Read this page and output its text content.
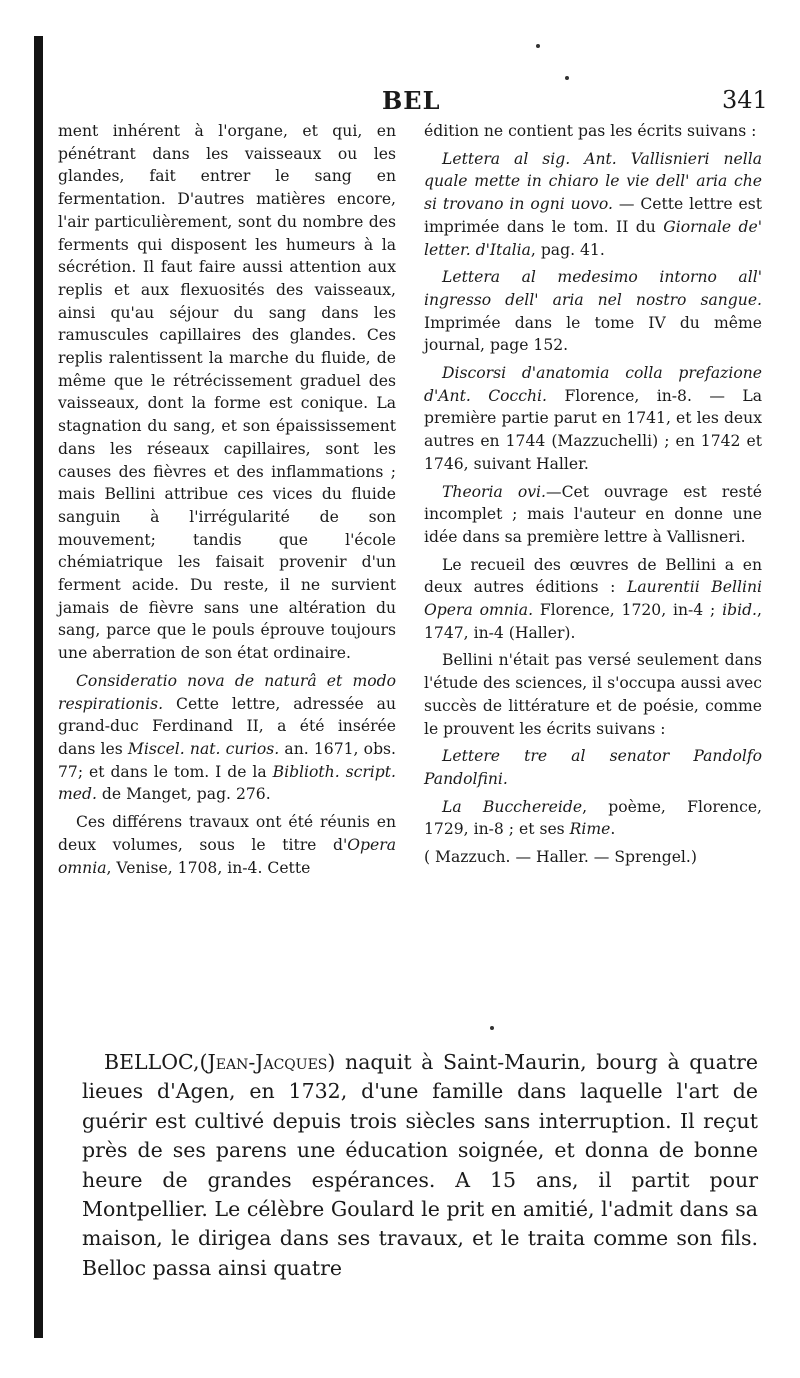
BEL	341

ment inhérent à l'organe, et qui, en pénétrant dans les vaisseaux ou les glandes, fait entrer le sang en fermentation. D'autres matières encore, l'air particulièrement, sont du nombre des ferments qui disposent les humeurs à la sécrétion. Il faut faire aussi attention aux replis et aux flexuosités des vaisseaux, ainsi qu'au séjour du sang dans les ramuscules capillaires des glandes. Ces replis ralentissent la marche du fluide, de même que le rétrécissement graduel des vaisseaux, dont la forme est conique. La stagnation du sang, et son épaississement dans les réseaux capillaires, sont les causes des fièvres et des inflammations ; mais Bellini attribue ces vices du fluide sanguin à l'irrégularité de son mouvement; tandis que l'école chémiatrique les faisait provenir d'un ferment acide. Du reste, il ne survient jamais de fièvre sans une altération du sang, parce que le pouls éprouve toujours une aberration de son état ordinaire.

Consideratio nova de naturâ et modo respirationis. Cette lettre, adressée au grand-duc Ferdinand II, a été insérée dans les Miscel. nat. curios. an. 1671, obs. 77; et dans le tom. I de la Biblioth. script. med. de Manget, pag. 276.

Ces différens travaux ont été réunis en deux volumes, sous le titre d'Opera omnia, Venise, 1708, in-4. Cette

édition ne contient pas les écrits suivans :

Lettera al sig. Ant. Vallisnieri nella quale mette in chiaro le vie dell' aria che si trovano in ogni uovo. — Cette lettre est imprimée dans le tom. II du Giornale de' letter. d'Italia, pag. 41.

Lettera al medesimo intorno all' ingresso dell' aria nel nostro sangue. Imprimée dans le tome IV du même journal, page 152.

Discorsi d'anatomia colla prefazione d'Ant. Cocchi. Florence, in-8. — La première partie parut en 1741, et les deux autres en 1744 (Mazzuchelli) ; en 1742 et 1746, suivant Haller.

Theoria ovi.—Cet ouvrage est resté incomplet ; mais l'auteur en donne une idée dans sa première lettre à Vallisneri.

Le recueil des œuvres de Bellini a en deux autres éditions : Laurentii Bellini Opera omnia. Florence, 1720, in-4 ; ibid., 1747, in-4 (Haller).

Bellini n'était pas versé seulement dans l'étude des sciences, il s'occupa aussi avec succès de littérature et de poésie, comme le prouvent les écrits suivans :

Lettere tre al senator Pandolfo Pandolfini.

La Bucchereide, poème, Florence, 1729, in-8 ; et ses Rime.

( Mazzuch. — Haller. — Sprengel.)

BELLOC,(Jean-Jacques) naquit à Saint-Maurin, bourg à quatre lieues d'Agen, en 1732, d'une famille dans laquelle l'art de guérir est cultivé depuis trois siècles sans interruption. Il reçut près de ses parens une éducation soignée, et donna de bonne heure de grandes espérances. A 15 ans, il partit pour Montpellier. Le célèbre Goulard le prit en amitié, l'admit dans sa maison, le dirigea dans ses travaux, et le traita comme son fils. Belloc passa ainsi quatre
